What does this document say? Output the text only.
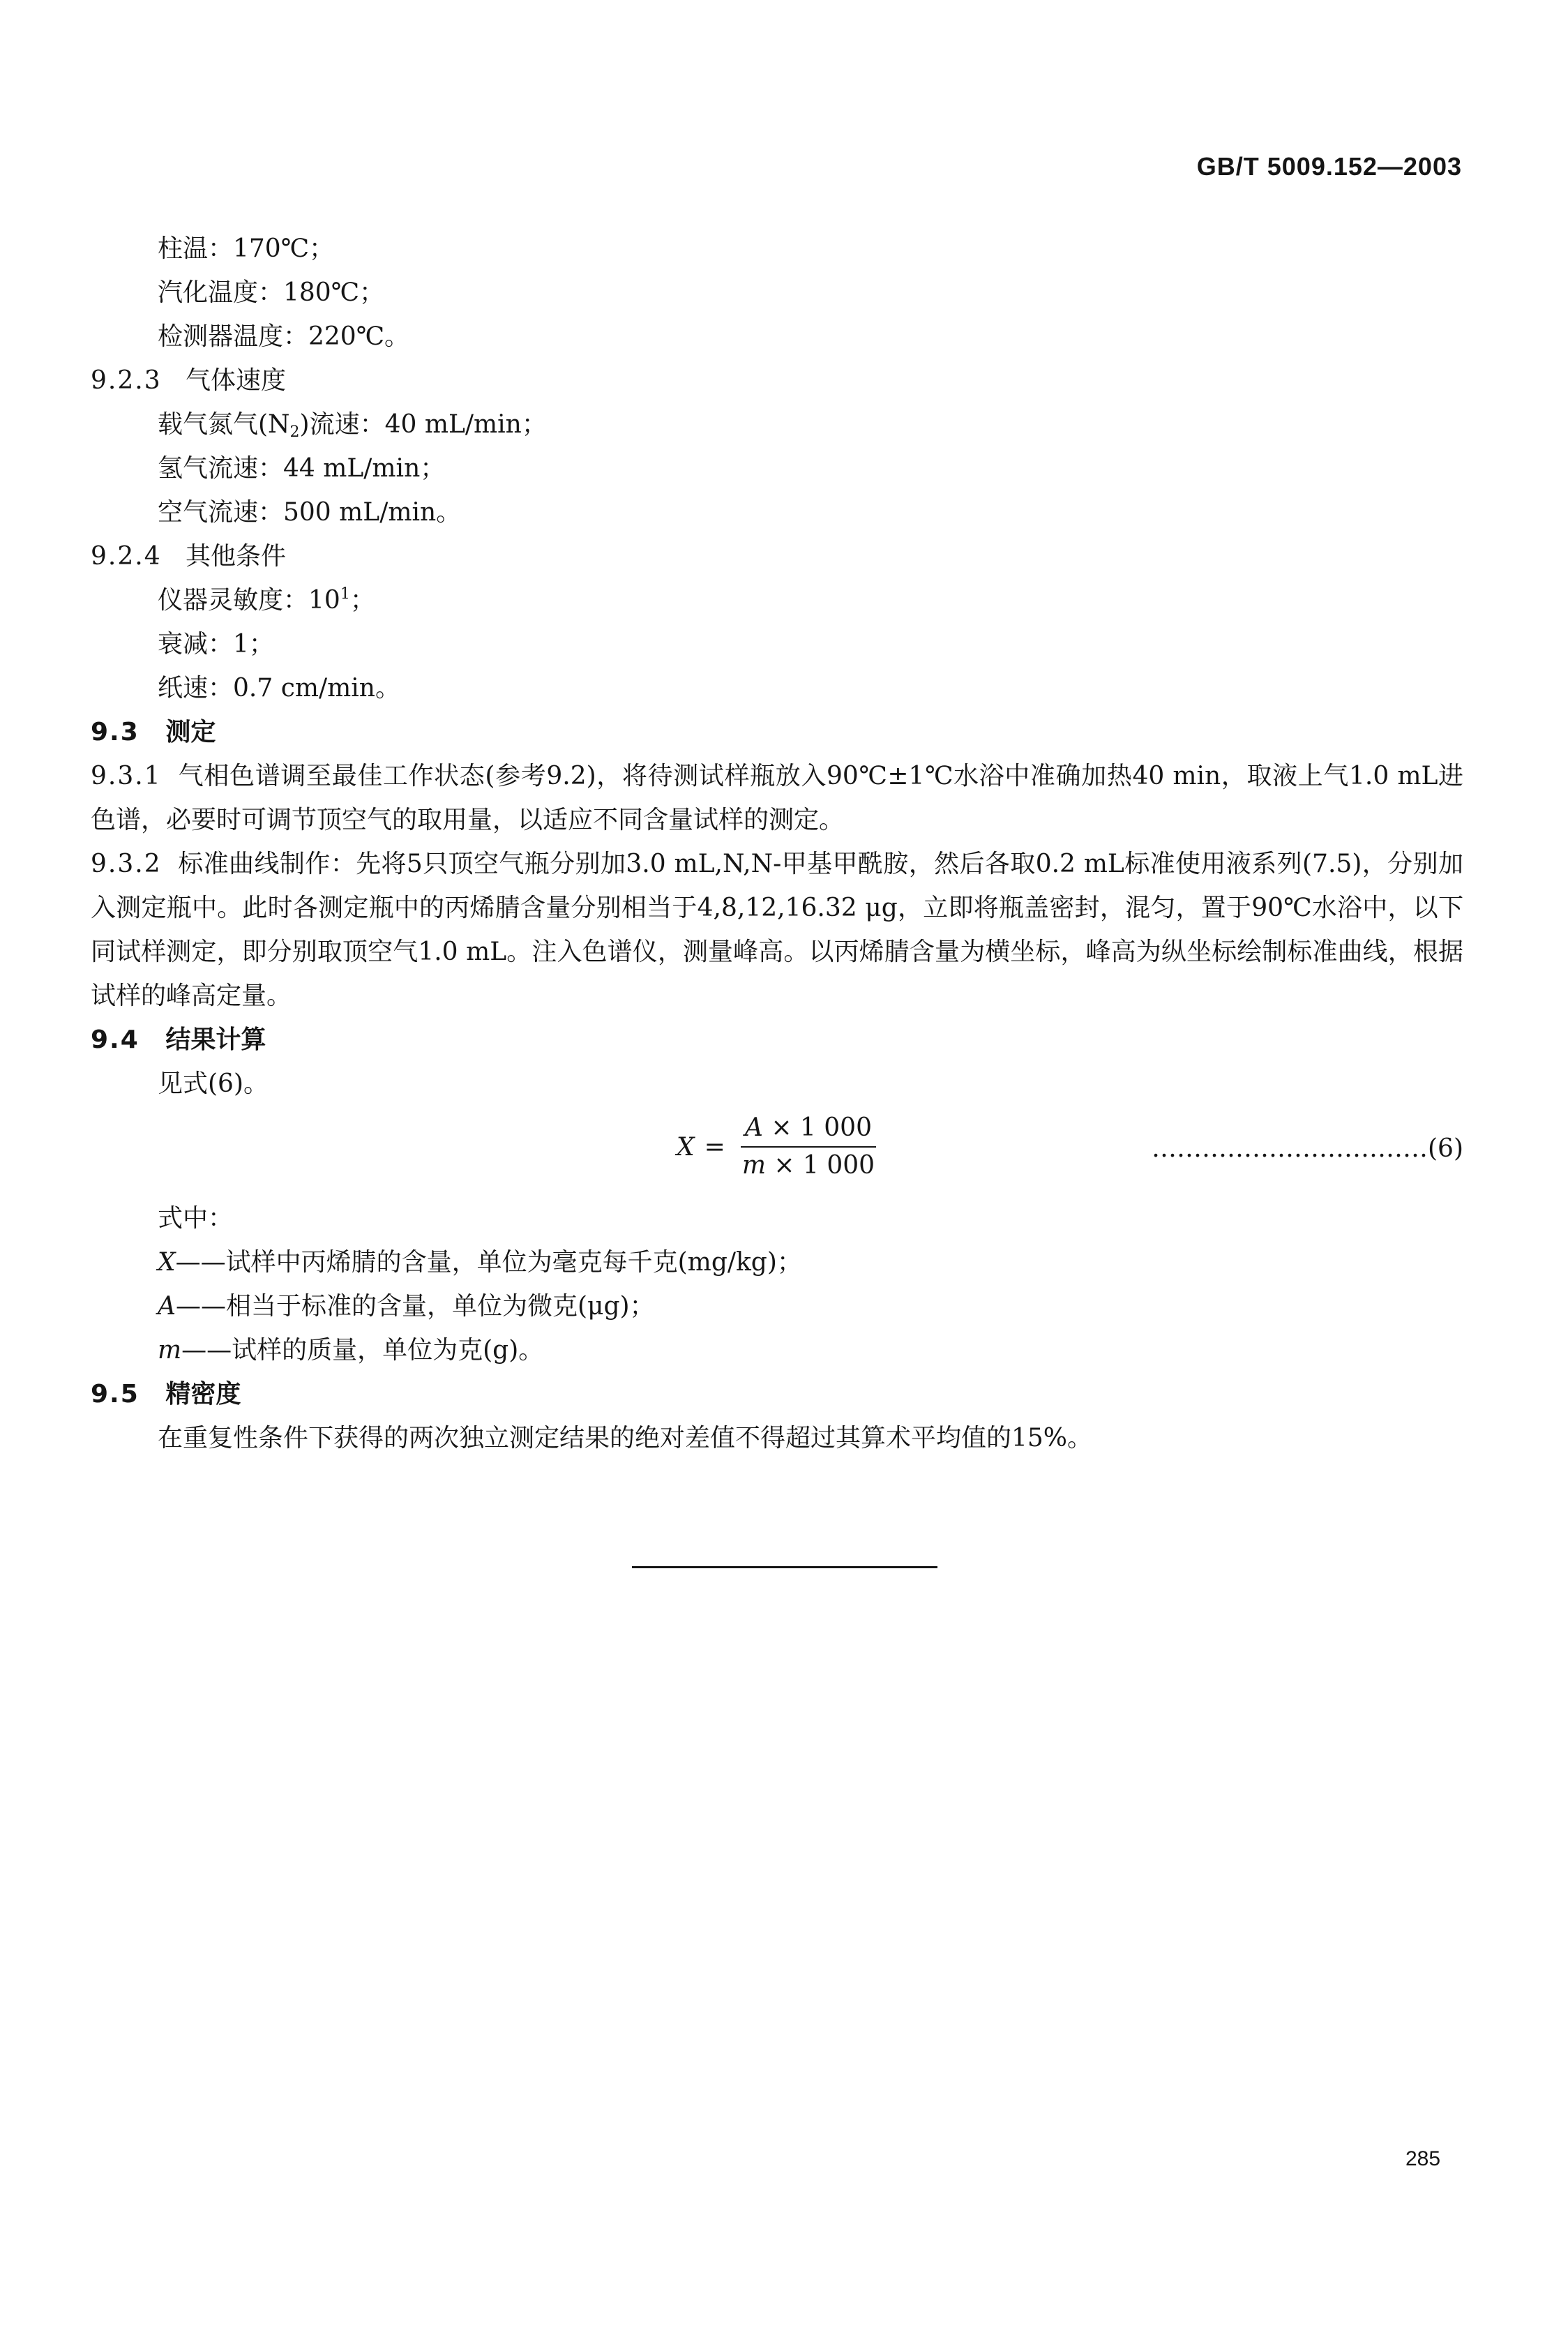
GB/T 5009.152—2003
柱温：170℃；
汽化温度：180℃；
检测器温度：220℃。
9.2.3 气体速度
载气氮气$(N_2)$流速：40 mL/min；
氢气流速：44 mL/min；
空气流速：500 mL/min。
9.2.4 其他条件
仪器灵敏度：$10^1$；
衰减：1；
纸速：0.7 cm/min。
9.3 测定
9.3.1 气相色谱调至最佳工作状态(参考9.2)，将待测试样瓶放入90℃±1℃水浴中准确加热40 min，取液上气1.0 mL进色谱，必要时可调节顶空气的取用量，以适应不同含量试样的测定。
9.3.2 标准曲线制作：先将5只顶空气瓶分别加3.0 mL,N,N-甲基甲酰胺，然后各取0.2 mL标准使用液系列(7.5)，分别加入测定瓶中。此时各测定瓶中的丙烯腈含量分别相当于4,8,12,16.32 μg，立即将瓶盖密封，混匀，置于90℃水浴中，以下同试样测定，即分别取顶空气1.0 mL。注入色谱仪，测量峰高。以丙烯腈含量为横坐标，峰高为纵坐标绘制标准曲线，根据试样的峰高定量。
9.4 结果计算
见式(6)。
$X = \frac{A \times 1 000}{m \times 1 000}$	……………………………(6)
式中：
X——试样中丙烯腈的含量，单位为毫克每千克(mg/kg)；
A——相当于标准的含量，单位为微克(μg)；
m——试样的质量，单位为克(g)。
9.5 精密度
在重复性条件下获得的两次独立测定结果的绝对差值不得超过其算术平均值的15%。
285
